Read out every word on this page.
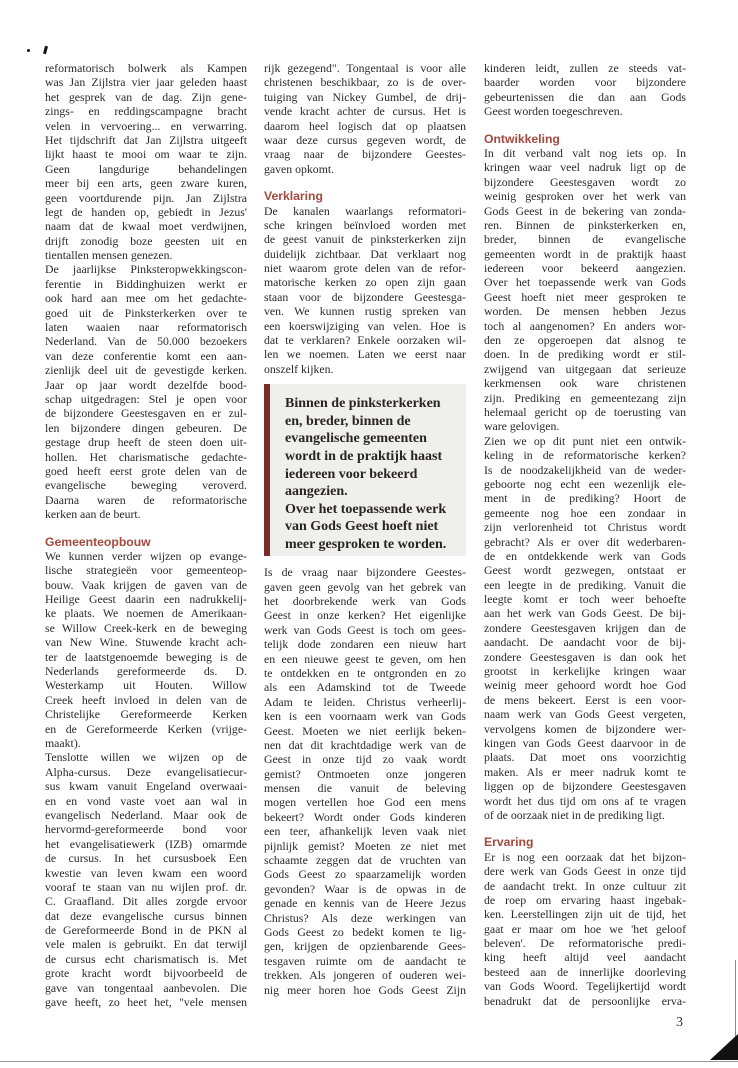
reformatorisch bolwerk als Kampen
was Jan Zijlstra vier jaar geleden haast
het gesprek van de dag. Zijn gene-
zings- en reddingscampagne bracht
velen in vervoering... en verwarring.
Het tijdschrift dat Jan Zijlstra uitgeeft
lijkt haast te mooi om waar te zijn.
Geen langdurige behandelingen
meer bij een arts, geen zware kuren,
geen voortdurende pijn. Jan Zijlstra
legt de handen op, gebiedt in Jezus'
naam dat de kwaal moet verdwijnen,
drijft zonodig boze geesten uit en
tientallen mensen genezen.
De jaarlijkse Pinksteropwekkingscon-
ferentie in Biddinghuizen werkt er
ook hard aan mee om het gedachte-
goed uit de Pinksterkerken over te
laten waaien naar reformatorisch
Nederland. Van de 50.000 bezoekers
van deze conferentie komt een aan-
zienlijk deel uit de gevestigde kerken.
Jaar op jaar wordt dezelfde bood-
schap uitgedragen: Stel je open voor
de bijzondere Geestesgaven en er zul-
len bijzondere dingen gebeuren. De
gestage drup heeft de steen doen uit-
hollen. Het charismatische gedachte-
goed heeft eerst grote delen van de
evangelische beweging veroverd.
Daarna waren de reformatorische
kerken aan de beurt.
Gemeenteopbouw
We kunnen verder wijzen op evange-
lische strategieën voor gemeenteop-
bouw. Vaak krijgen de gaven van de
Heilige Geest daarin een nadrukkelij-
ke plaats. We noemen de Amerikaan-
se Willow Creek-kerk en de beweging
van New Wine. Stuwende kracht ach-
ter de laatstgenoemde beweging is de
Nederlands gereformeerde ds. D.
Westerkamp uit Houten. Willow
Creek heeft invloed in delen van de
Christelijke Gereformeerde Kerken
en de Gereformeerde Kerken (vrijge-
maakt).
Tenslotte willen we wijzen op de
Alpha-cursus. Deze evangelisatiecur-
sus kwam vanuit Engeland overwaai-
en en vond vaste voet aan wal in
evangelisch Nederland. Maar ook de
hervormd-gereformeerde bond voor
het evangelisatiewerk (IZB) omarmde
de cursus. In het cursusboek Een
kwestie van leven kwam een woord
vooraf te staan van nu wijlen prof. dr.
C. Graafland. Dit alles zorgde ervoor
dat deze evangelische cursus binnen
de Gereformeerde Bond in de PKN al
vele malen is gebruikt. En dat terwijl
de cursus echt charismatisch is. Met
grote kracht wordt bijvoorbeeld de
gave van tongentaal aanbevolen. Die
gave heeft, zo heet het, "vele mensen
rijk gezegend". Tongentaal is voor alle
christenen beschikbaar, zo is de over-
tuiging van Nickey Gumbel, de drij-
vende kracht achter de cursus. Het is
daarom heel logisch dat op plaatsen
waar deze cursus gegeven wordt, de
vraag naar de bijzondere Geestes-
gaven opkomt.
Verklaring
De kanalen waarlangs reformatori-
sche kringen beïnvloed worden met
de geest vanuit de pinksterkerken zijn
duidelijk zichtbaar. Dat verklaart nog
niet waarom grote delen van de refor-
matorische kerken zo open zijn gaan
staan voor de bijzondere Geestesga-
ven. We kunnen rustig spreken van
een koerswijziging van velen. Hoe is
dat te verklaren? Enkele oorzaken wil-
len we noemen. Laten we eerst naar
onszelf kijken.
Binnen de pinksterkerken
en, breder, binnen de
evangelische gemeenten
wordt in de praktijk haast
iedereen voor bekeerd
aangezien.
Over het toepassende werk
van Gods Geest hoeft niet
meer gesproken te worden.
Is de vraag naar bijzondere Geestes-
gaven geen gevolg van het gebrek van
het doorbrekende werk van Gods
Geest in onze kerken? Het eigenlijke
werk van Gods Geest is toch om gees-
telijk dode zondaren een nieuw hart
en een nieuwe geest te geven, om hen
te ontdekken en te ontgronden en zo
als een Adamskind tot de Tweede
Adam te leiden. Christus verheerlij-
ken is een voornaam werk van Gods
Geest. Moeten we niet eerlijk beken-
nen dat dit krachtdadige werk van de
Geest in onze tijd zo vaak wordt
gemist? Ontmoeten onze jongeren
mensen die vanuit de beleving
mogen vertellen hoe God een mens
bekeert? Wordt onder Gods kinderen
een teer, afhankelijk leven vaak niet
pijnlijk gemist? Moeten ze niet met
schaamte zeggen dat de vruchten van
Gods Geest zo spaarzamelijk worden
gevonden? Waar is de opwas in de
genade en kennis van de Heere Jezus
Christus? Als deze werkingen van
Gods Geest zo bedekt komen te lig-
gen, krijgen de opzienbarende Gees-
tesgaven ruimte om de aandacht te
trekken. Als jongeren of ouderen wei-
nig meer horen hoe Gods Geest Zijn
kinderen leidt, zullen ze steeds vat-
baarder worden voor bijzondere
gebeurtenissen die dan aan Gods
Geest worden toegeschreven.
Ontwikkeling
In dit verband valt nog iets op. In
kringen waar veel nadruk ligt op de
bijzondere Geestesgaven wordt zo
weinig gesproken over het werk van
Gods Geest in de bekering van zonda-
ren. Binnen de pinksterkerken en,
breder, binnen de evangelische
gemeenten wordt in de praktijk haast
iedereen voor bekeerd aangezien.
Over het toepassende werk van Gods
Geest hoeft niet meer gesproken te
worden. De mensen hebben Jezus
toch al aangenomen? En anders wor-
den ze opgeroepen dat alsnog te
doen. In de prediking wordt er stil-
zwijgend van uitgegaan dat serieuze
kerkmensen ook ware christenen
zijn. Prediking en gemeentezang zijn
helemaal gericht op de toerusting van
ware gelovigen.
Zien we op dit punt niet een ontwik-
keling in de reformatorische kerken?
Is de noodzakelijkheid van de weder-
geboorte nog echt een wezenlijk ele-
ment in de prediking? Hoort de
gemeente nog hoe een zondaar in
zijn verlorenheid tot Christus wordt
gebracht? Als er over dit wederbaren-
de en ontdekkende werk van Gods
Geest wordt gezwegen, ontstaat er
een leegte in de prediking. Vanuit die
leegte komt er toch weer behoefte
aan het werk van Gods Geest. De bij-
zondere Geestesgaven krijgen dan de
aandacht. De aandacht voor de bij-
zondere Geestesgaven is dan ook het
grootst in kerkelijke kringen waar
weinig meer gehoord wordt hoe God
de mens bekeert. Eerst is een voor-
naam werk van Gods Geest vergeten,
vervolgens komen de bijzondere wer-
kingen van Gods Geest daarvoor in de
plaats. Dat moet ons voorzichtig
maken. Als er meer nadruk komt te
liggen op de bijzondere Geestesgaven
wordt het dus tijd om ons af te vragen
of de oorzaak niet in de prediking ligt.
Ervaring
Er is nog een oorzaak dat het bijzon-
dere werk van Gods Geest in onze tijd
de aandacht trekt. In onze cultuur zit
de roep om ervaring haast ingebak-
ken. Leerstellingen zijn uit de tijd, het
gaat er maar om hoe we 'het geloof
beleven'. De reformatorische predi-
king heeft altijd veel aandacht
besteed aan de innerlijke doorleving
van Gods Woord. Tegelijkertijd wordt
benadrukt dat de persoonlijke erva-
3
